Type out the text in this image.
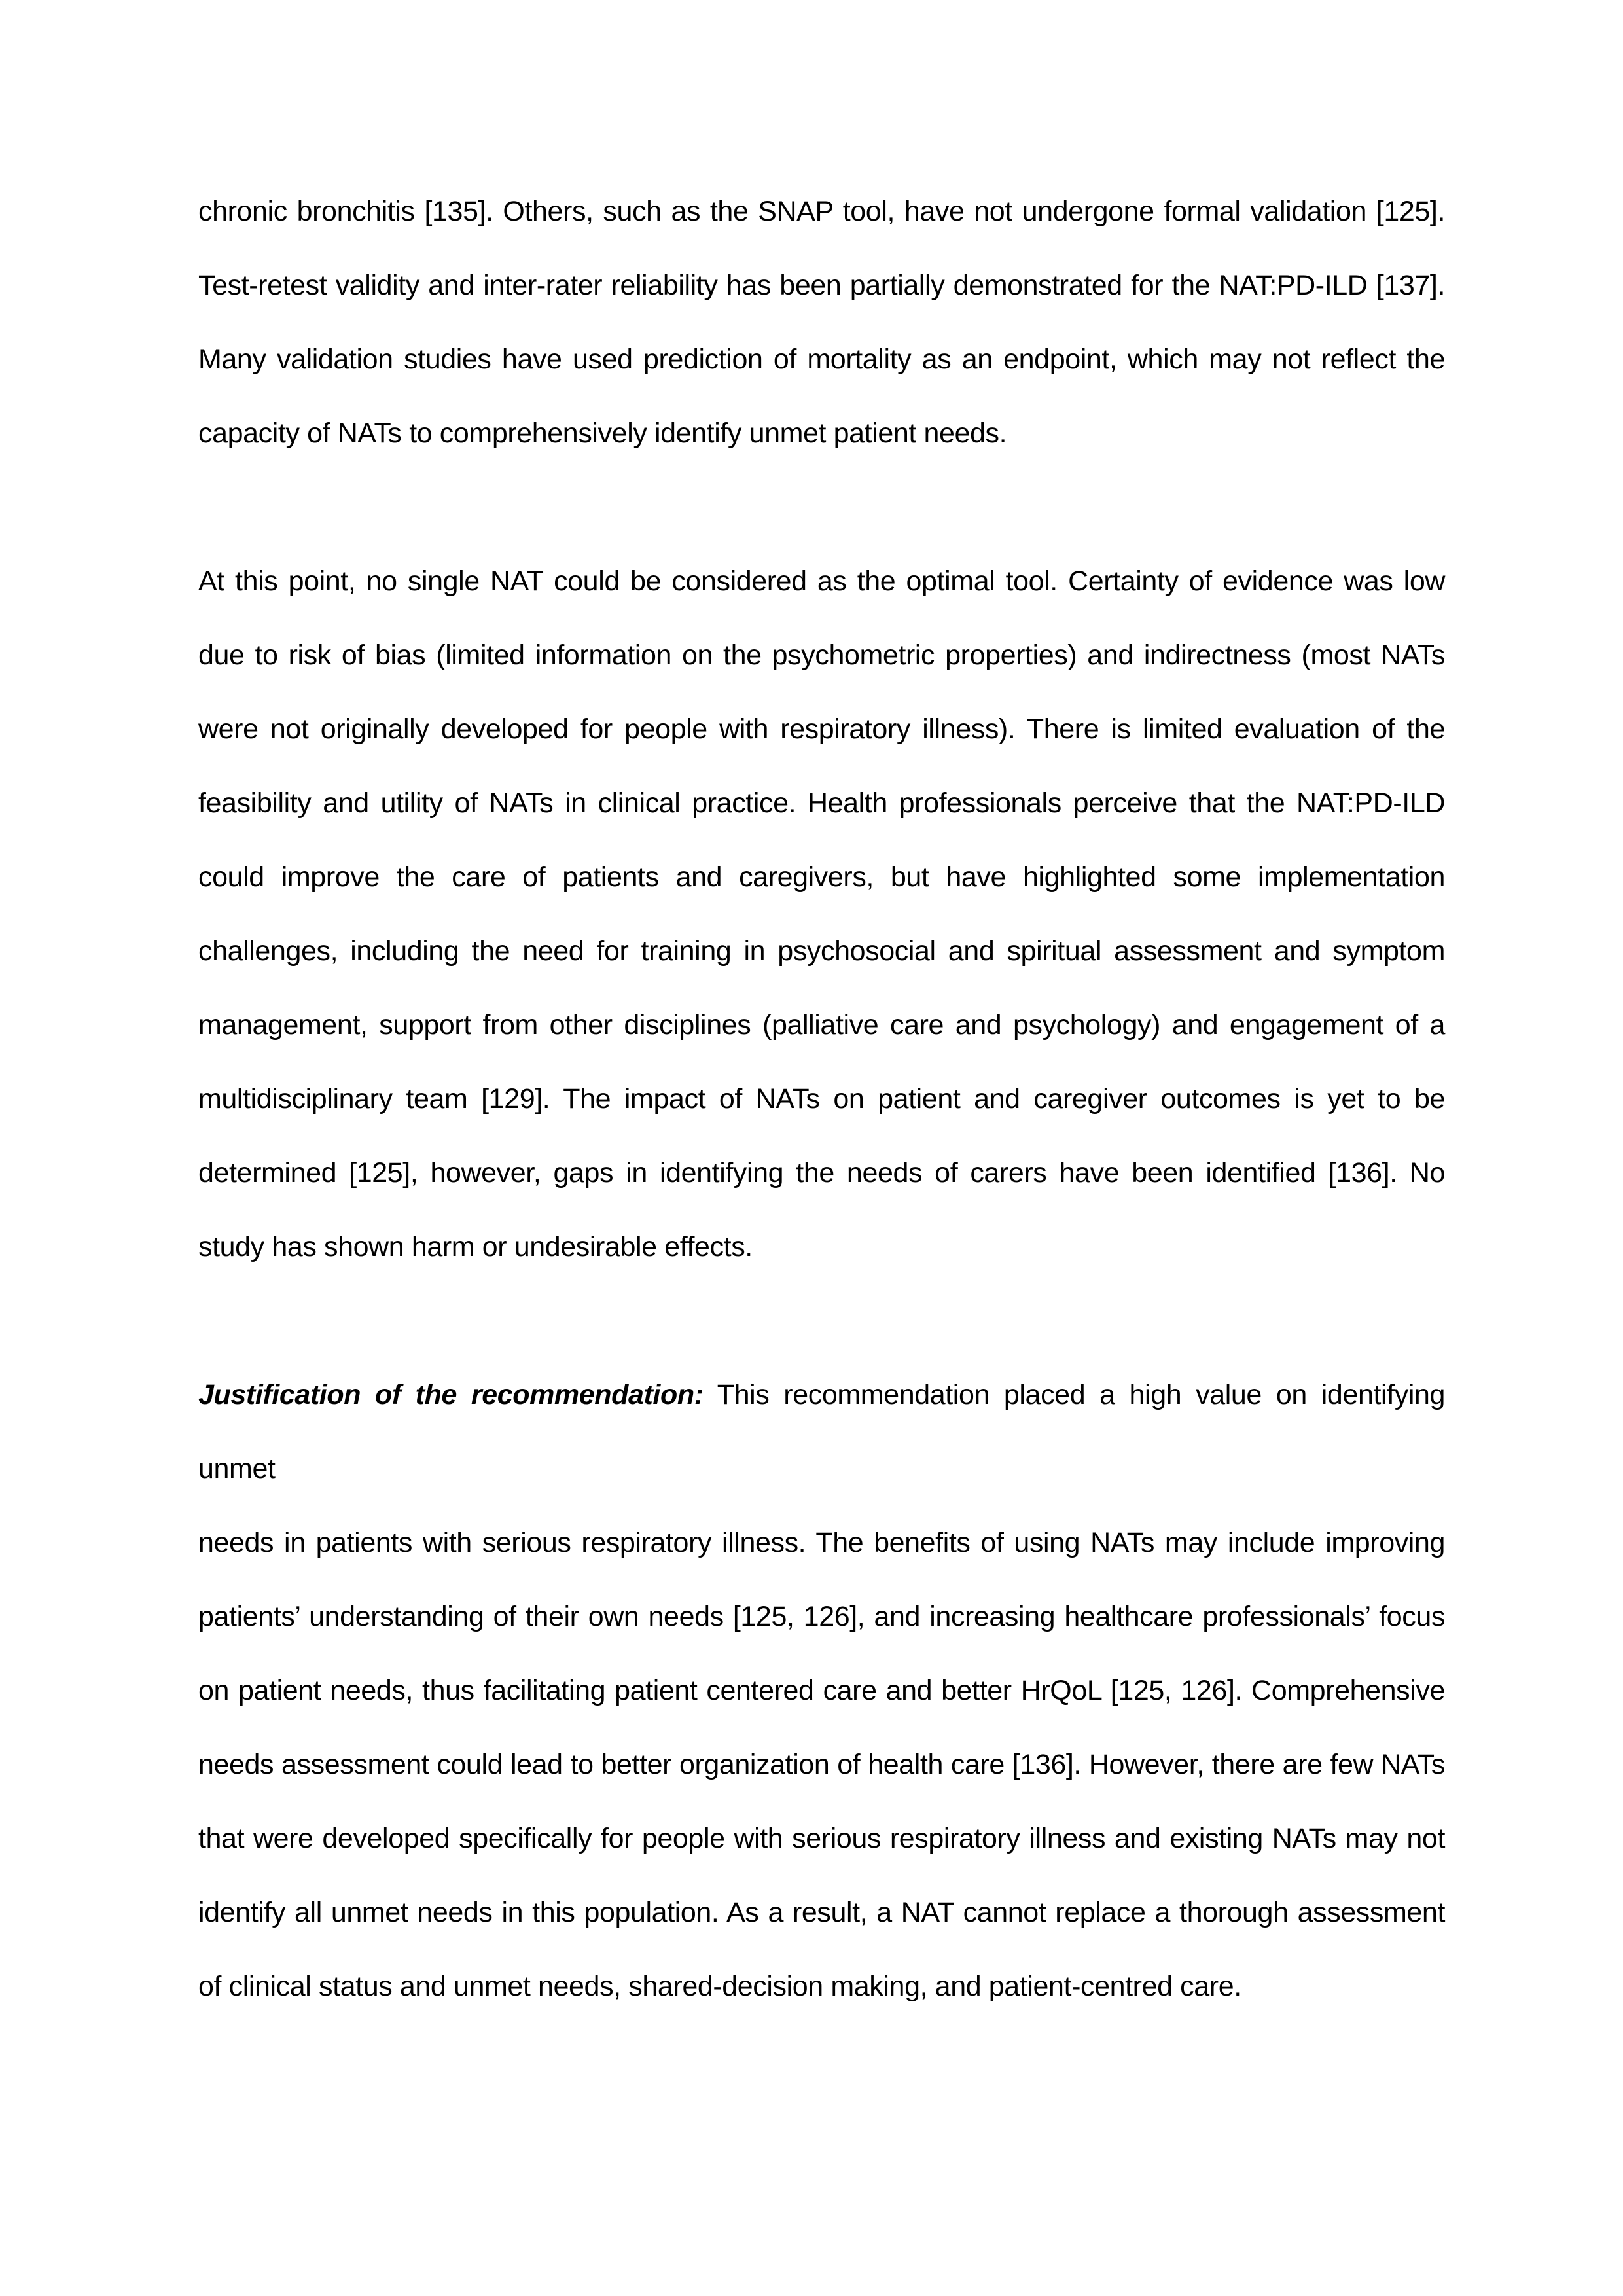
chronic bronchitis [135]. Others, such as the SNAP tool, have not undergone formal validation [125].
Test-retest validity and inter-rater reliability has been partially demonstrated for the NAT:PD-ILD [137].
Many validation studies have used prediction of mortality as an endpoint, which may not reflect the
capacity of NATs to comprehensively identify unmet patient needs.
At this point, no single NAT could be considered as the optimal tool. Certainty of evidence was low
due to risk of bias (limited information on the psychometric properties) and indirectness (most NATs
were not originally developed for people with respiratory illness). There is limited evaluation of the
feasibility and utility of NATs in clinical practice. Health professionals perceive that the NAT:PD-ILD
could improve the care of patients and caregivers, but have highlighted some implementation
challenges, including the need for training in psychosocial and spiritual assessment and symptom
management, support from other disciplines (palliative care and psychology) and engagement of a
multidisciplinary team [129]. The impact of NATs on patient and caregiver outcomes is yet to be
determined [125], however, gaps in identifying the needs of carers have been identified [136]. No
study has shown harm or undesirable effects.
Justification of the recommendation: This recommendation placed a high value on identifying unmet
needs in patients with serious respiratory illness. The benefits of using NATs may include improving
patients’ understanding of their own needs [125, 126], and increasing healthcare professionals’ focus
on patient needs, thus facilitating patient centered care and better HrQoL [125, 126]. Comprehensive
needs assessment could lead to better organization of health care [136]. However, there are few NATs
that were developed specifically for people with serious respiratory illness and existing NATs may not
identify all unmet needs in this population. As a result, a NAT cannot replace a thorough assessment
of clinical status and unmet needs, shared-decision making, and patient-centred care.
